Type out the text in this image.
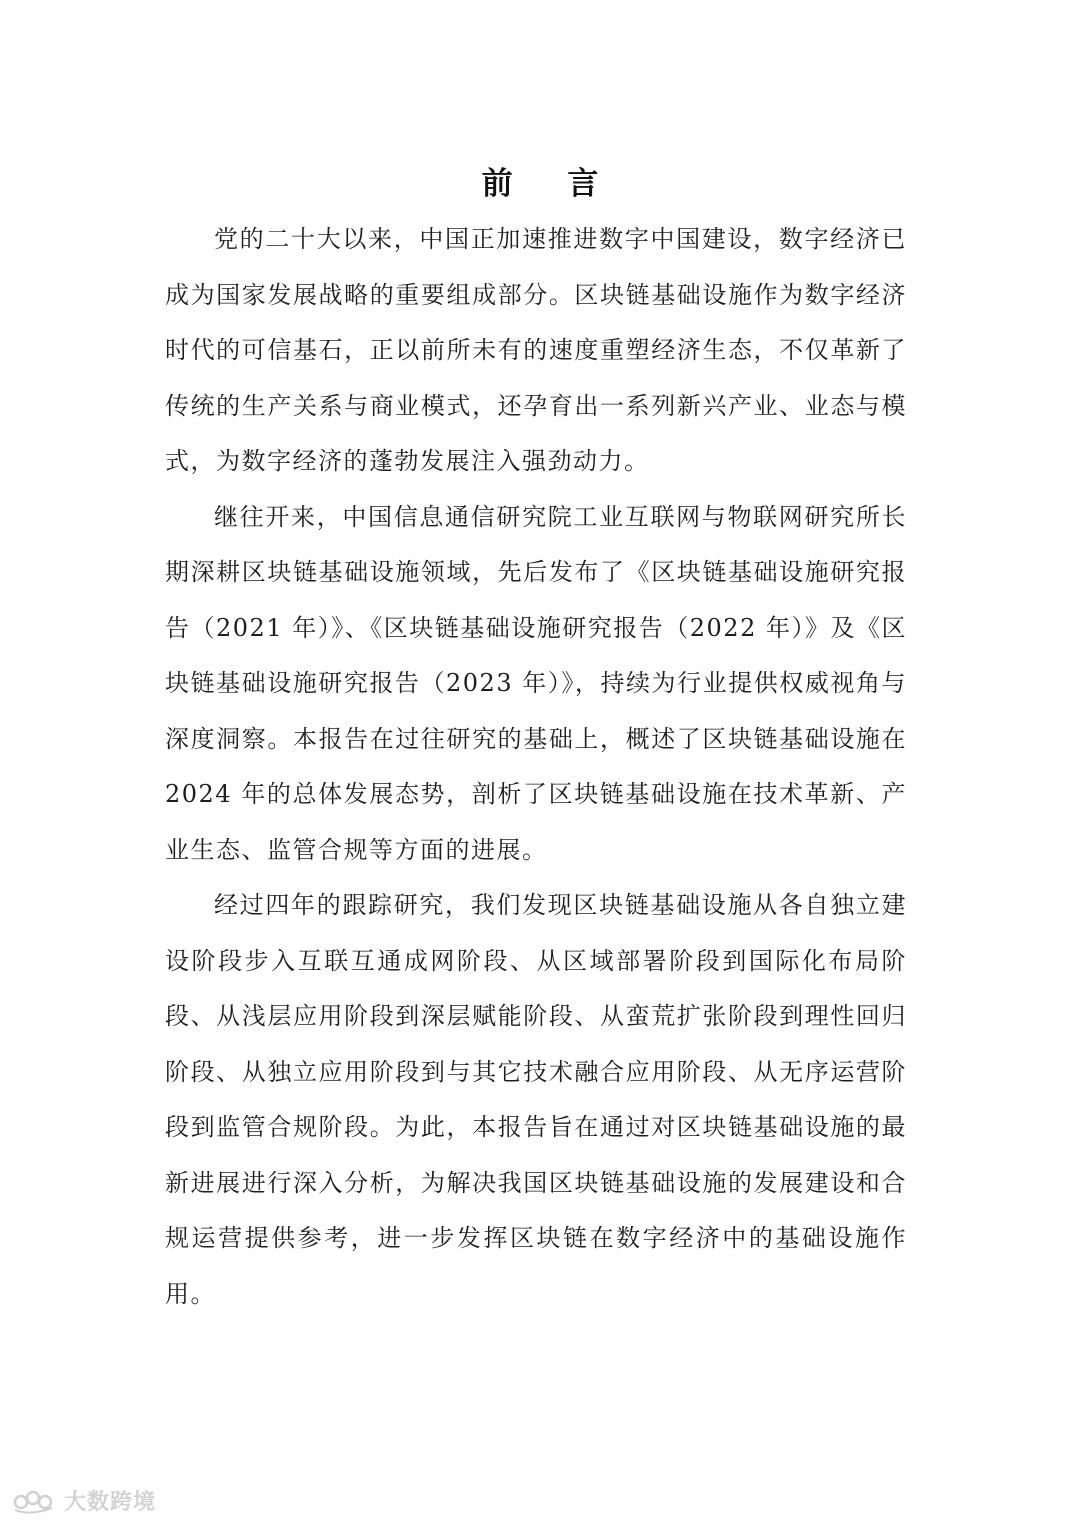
前 言

党的二十大以来，中国正加速推进数字中国建设，数字经济已成为国家发展战略的重要组成部分。区块链基础设施作为数字经济时代的可信基石，正以前所未有的速度重塑经济生态，不仅革新了传统的生产关系与商业模式，还孕育出一系列新兴产业、业态与模式，为数字经济的蓬勃发展注入强劲动力。

继往开来，中国信息通信研究院工业互联网与物联网研究所长期深耕区块链基础设施领域，先后发布了《区块链基础设施研究报告（2021 年）》、《区块链基础设施研究报告（2022 年）》及《区块链基础设施研究报告（2023 年）》，持续为行业提供权威视角与深度洞察。本报告在过往研究的基础上，概述了区块链基础设施在 2024 年的总体发展态势，剖析了区块链基础设施在技术革新、产业生态、监管合规等方面的进展。

经过四年的跟踪研究，我们发现区块链基础设施从各自独立建设阶段步入互联互通成网阶段、从区域部署阶段到国际化布局阶段、从浅层应用阶段到深层赋能阶段、从蛮荒扩张阶段到理性回归阶段、从独立应用阶段到与其它技术融合应用阶段、从无序运营阶段到监管合规阶段。为此，本报告旨在通过对区块链基础设施的最新进展进行深入分析，为解决我国区块链基础设施的发展建设和合规运营提供参考，进一步发挥区块链在数字经济中的基础设施作用。

大数跨境
